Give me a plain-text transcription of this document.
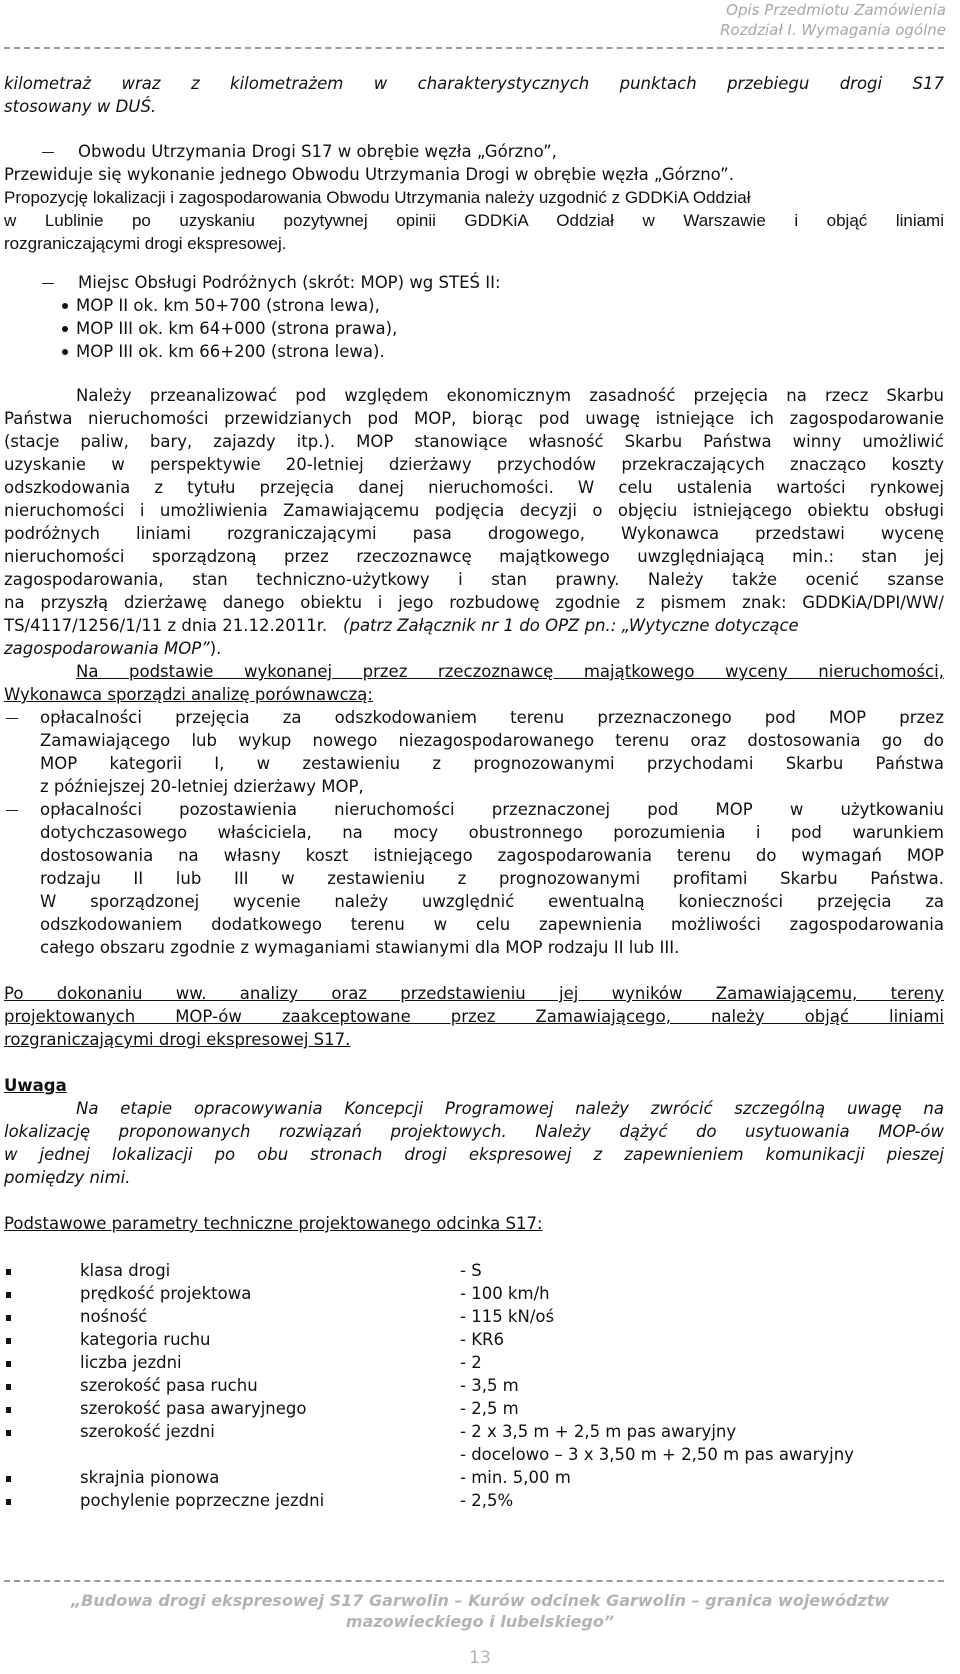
Opis Przedmiotu Zamówienia
Rozdział I. Wymagania ogólne
kilometraż wraz z kilometrażem w charakterystycznych punktach przebiegu drogi S17
stosowany w DUŚ.
Obwodu Utrzymania Drogi S17 w obrębie węzła „Górzno”,
Przewiduje się wykonanie jednego Obwodu Utrzymania Drogi w obrębie węzła „Górzno”.
Propozycję lokalizacji i zagospodarowania Obwodu Utrzymania należy uzgodnić z GDDKiA Oddział
w Lublinie po uzyskaniu pozytywnej opinii GDDKiA Oddział w Warszawie i objąć liniami
rozgraniczającymi drogi ekspresowej.
Miejsc Obsługi Podróżnych (skrót: MOP) wg STEŚ II:
MOP II ok. km 50+700 (strona lewa),
MOP III ok. km 64+000 (strona prawa),
MOP III ok. km 66+200 (strona lewa).
Należy przeanalizować pod względem ekonomicznym zasadność przejęcia na rzecz Skarbu
Państwa nieruchomości przewidzianych pod MOP, biorąc pod uwagę istniejące ich zagospodarowanie
(stacje paliw, bary, zajazdy itp.). MOP stanowiące własność Skarbu Państwa winny umożliwić
uzyskanie w perspektywie 20-letniej dzierżawy przychodów przekraczających znacząco koszty
odszkodowania z tytułu przejęcia danej nieruchomości. W celu ustalenia wartości rynkowej
nieruchomości i umożliwienia Zamawiającemu podjęcia decyzji o objęciu istniejącego obiektu obsługi
podróżnych liniami rozgraniczającymi pasa drogowego, Wykonawca przedstawi wycenę
nieruchomości sporządzoną przez rzeczoznawcę majątkowego uwzględniającą min.: stan jej
zagospodarowania, stan techniczno-użytkowy i stan prawny. Należy także ocenić szanse
na przyszłą dzierżawę danego obiektu i jego rozbudowę zgodnie z pismem znak: GDDKiA/DPI/WW/
TS/4117/1256/1/11 z dnia 21.12.2011r. (patrz Załącznik nr 1 do OPZ pn.: „Wytyczne dotyczące
zagospodarowania MOP”).
Na podstawie wykonanej przez rzeczoznawcę majątkowego wyceny nieruchomości,
Wykonawca sporządzi analizę porównawczą:
opłacalności przejęcia za odszkodowaniem terenu przeznaczonego pod MOP przez
Zamawiającego lub wykup nowego niezagospodarowanego terenu oraz dostosowania go do
MOP kategorii I, w zestawieniu z prognozowanymi przychodami Skarbu Państwa
z późniejszej 20-letniej dzierżawy MOP,
opłacalności pozostawienia nieruchomości przeznaczonej pod MOP w użytkowaniu
dotychczasowego właściciela, na mocy obustronnego porozumienia i pod warunkiem
dostosowania na własny koszt istniejącego zagospodarowania terenu do wymagań MOP
rodzaju II lub III w zestawieniu z prognozowanymi profitami Skarbu Państwa.
W sporządzonej wycenie należy uwzględnić ewentualną konieczności przejęcia za
odszkodowaniem dodatkowego terenu w celu zapewnienia możliwości zagospodarowania
całego obszaru zgodnie z wymaganiami stawianymi dla MOP rodzaju II lub III.
Po dokonaniu ww. analizy oraz przedstawieniu jej wyników Zamawiającemu, tereny
projektowanych MOP-ów zaakceptowane przez Zamawiającego, należy objąć liniami
rozgraniczającymi drogi ekspresowej S17.
Uwaga
Na etapie opracowywania Koncepcji Programowej należy zwrócić szczególną uwagę na
lokalizację proponowanych rozwiązań projektowych. Należy dążyć do usytuowania MOP-ów
w jednej lokalizacji po obu stronach drogi ekspresowej z zapewnieniem komunikacji pieszej
pomiędzy nimi.
Podstawowe parametry techniczne projektowanego odcinka S17:
klasa drogi	- S
prędkość projektowa	- 100 km/h
nośność	- 115 kN/oś
kategoria ruchu	- KR6
liczba jezdni	- 2
szerokość pasa ruchu	- 3,5 m
szerokość pasa awaryjnego	- 2,5 m
szerokość jezdni	- 2 x 3,5 m + 2,5 m pas awaryjny
- docelowo – 3 x 3,50 m + 2,50 m pas awaryjny
skrajnia pionowa	- min. 5,00 m
pochylenie poprzeczne jezdni	- 2,5%
„Budowa drogi ekspresowej S17 Garwolin – Kurów odcinek Garwolin – granica województw
mazowieckiego i lubelskiego”
13
